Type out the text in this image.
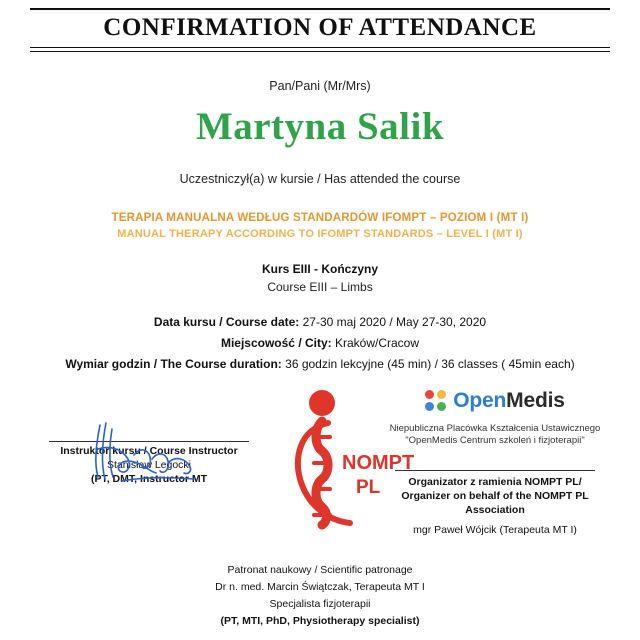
CONFIRMATION OF ATTENDANCE
Pan/Pani (Mr/Mrs)
Martyna Salik
Uczestniczył(a) w kursie / Has attended the course
TERAPIA MANUALNA WEDŁUG STANDARDÓW IFOMPT – POZIOM I (MT I)
MANUAL THERAPY ACCORDING TO IFOMPT STANDARDS – LEVEL I (MT I)
Kurs EIII - Kończyny
Course EIII – Limbs
Data kursu / Course date: 27-30 maj 2020 / May 27-30, 2020
Miejscowość / City: Kraków/Cracow
Wymiar godzin / The Course duration: 36 godzin lekcyjne (45 min) / 36 classes ( 45min each)
Instruktor kursu / Course Instructor
Stanisław Legocki
(PT, DMT, Instructor MT
NOMPT
PL
OpenMedis
Niepubliczna Placówka Kształcenia Ustawicznego
"OpenMedis Centrum szkoleń i fizjoterapii"
Organizator z ramienia NOMPT PL/
Organizer on behalf of the NOMPT PL
Association
mgr Paweł Wójcik (Terapeuta MT I)
Patronat naukowy / Scientific patronage
Dr n. med. Marcin Świątczak, Terapeuta MT I
Specjalista fizjoterapii
(PT, MTI, PhD, Physiotherapy specialist)
